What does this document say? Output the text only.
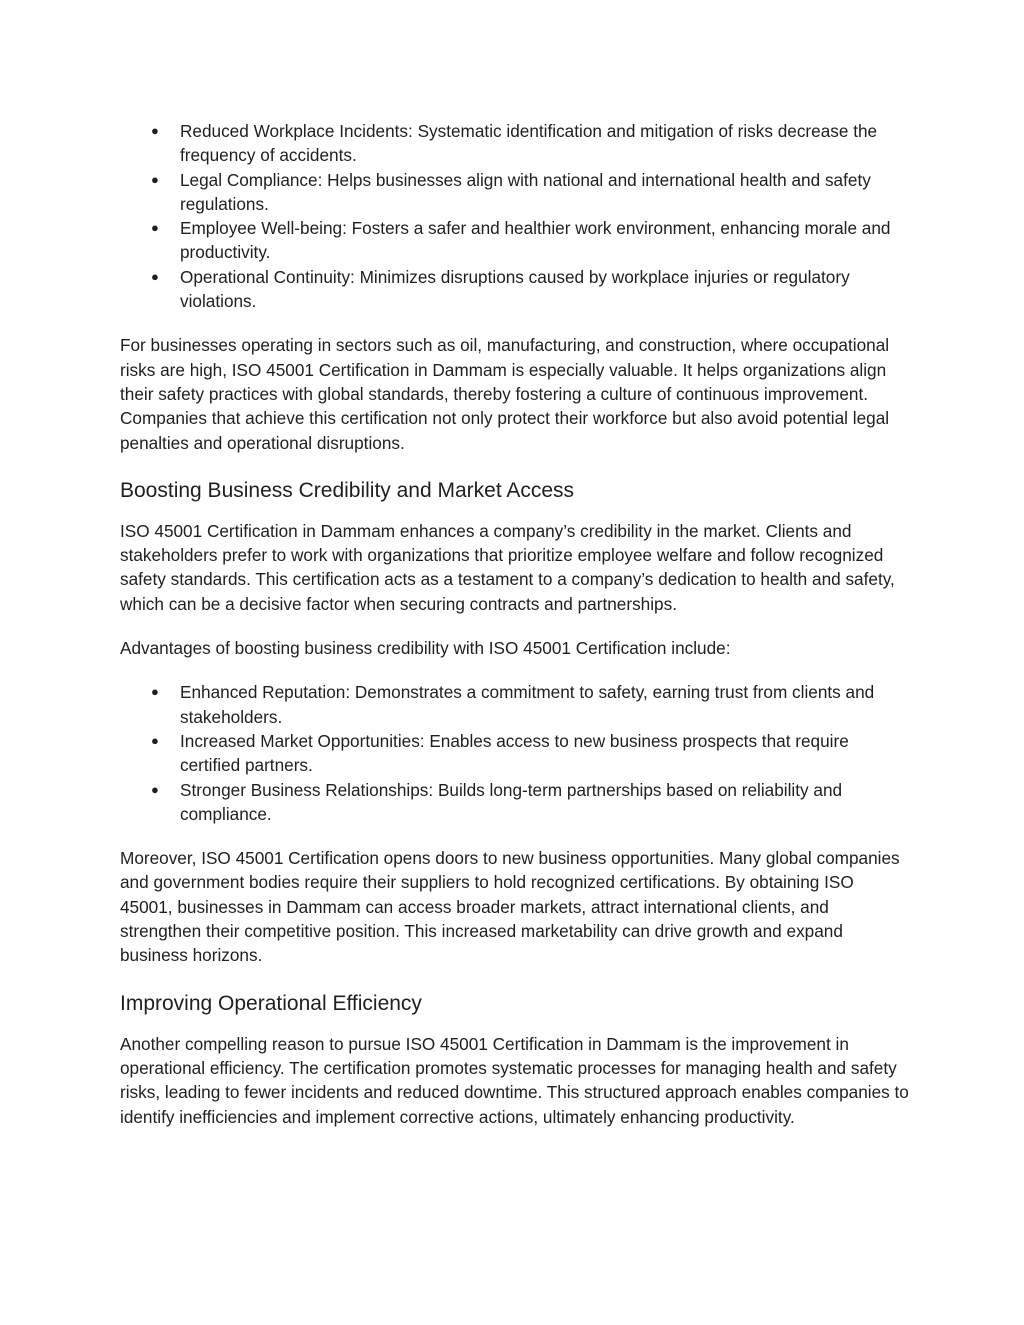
● Reduced Workplace Incidents: Systematic identification and mitigation of risks decrease the frequency of accidents.
● Legal Compliance: Helps businesses align with national and international health and safety regulations.
● Employee Well-being: Fosters a safer and healthier work environment, enhancing morale and productivity.
● Operational Continuity: Minimizes disruptions caused by workplace injuries or regulatory violations.

For businesses operating in sectors such as oil, manufacturing, and construction, where occupational risks are high, ISO 45001 Certification in Dammam is especially valuable. It helps organizations align their safety practices with global standards, thereby fostering a culture of continuous improvement. Companies that achieve this certification not only protect their workforce but also avoid potential legal penalties and operational disruptions.

Boosting Business Credibility and Market Access

ISO 45001 Certification in Dammam enhances a company’s credibility in the market. Clients and stakeholders prefer to work with organizations that prioritize employee welfare and follow recognized safety standards. This certification acts as a testament to a company’s dedication to health and safety, which can be a decisive factor when securing contracts and partnerships.

Advantages of boosting business credibility with ISO 45001 Certification include:

● Enhanced Reputation: Demonstrates a commitment to safety, earning trust from clients and stakeholders.
● Increased Market Opportunities: Enables access to new business prospects that require certified partners.
● Stronger Business Relationships: Builds long-term partnerships based on reliability and compliance.

Moreover, ISO 45001 Certification opens doors to new business opportunities. Many global companies and government bodies require their suppliers to hold recognized certifications. By obtaining ISO 45001, businesses in Dammam can access broader markets, attract international clients, and strengthen their competitive position. This increased marketability can drive growth and expand business horizons.

Improving Operational Efficiency

Another compelling reason to pursue ISO 45001 Certification in Dammam is the improvement in operational efficiency. The certification promotes systematic processes for managing health and safety risks, leading to fewer incidents and reduced downtime. This structured approach enables companies to identify inefficiencies and implement corrective actions, ultimately enhancing productivity.
